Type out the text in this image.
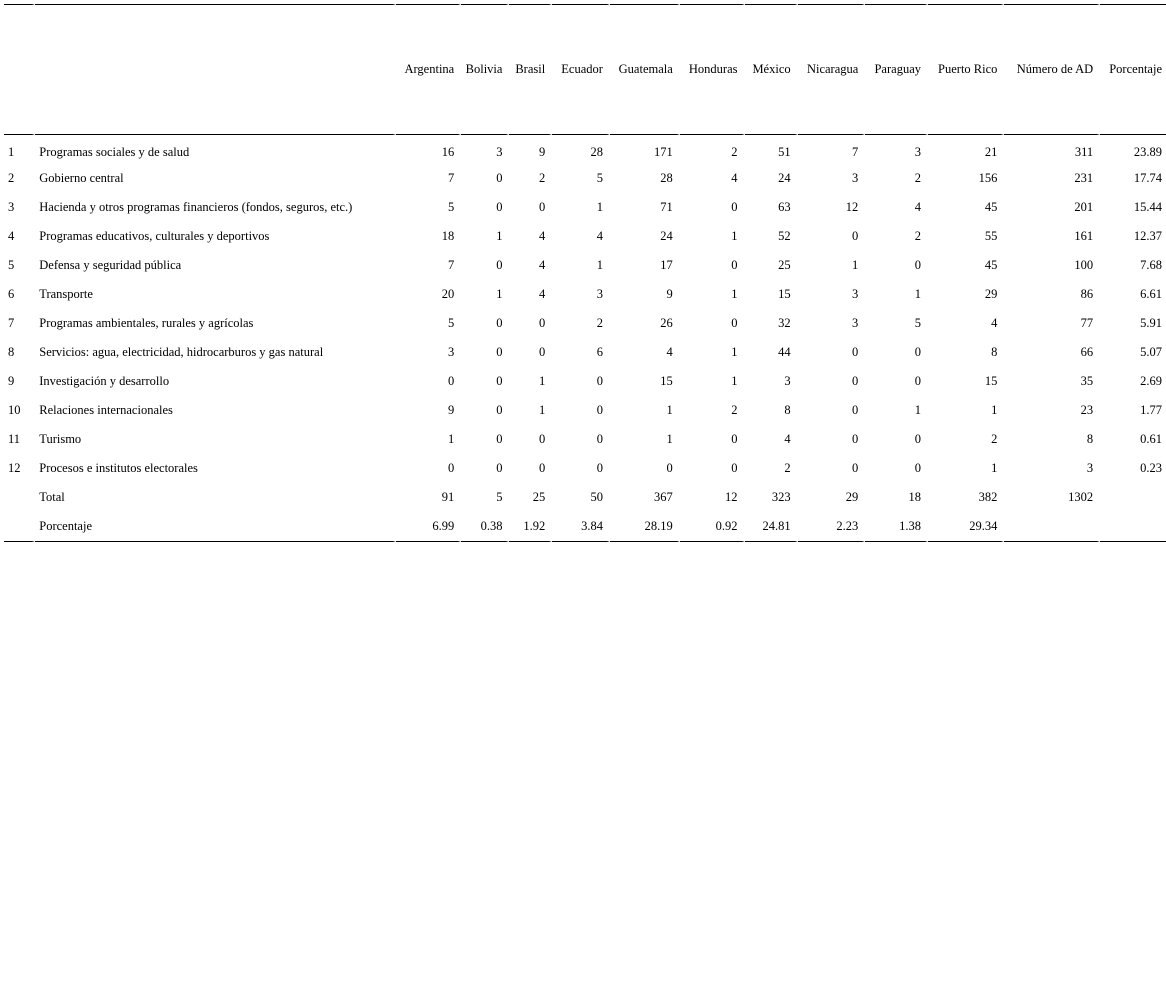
		Argentina	Bolivia	Brasil	Ecuador	Guatemala	Honduras	México	Nicaragua	Paraguay	Puerto Rico	Número de AD	Porcentaje
1	Programas sociales y de salud	16	3	9	28	171	2	51	7	3	21	311	23.89
2	Gobierno central	7	0	2	5	28	4	24	3	2	156	231	17.74
3	Hacienda y otros programas financieros (fondos, seguros, etc.)	5	0	0	1	71	0	63	12	4	45	201	15.44
4	Programas educativos, culturales y deportivos	18	1	4	4	24	1	52	0	2	55	161	12.37
5	Defensa y seguridad pública	7	0	4	1	17	0	25	1	0	45	100	7.68
6	Transporte	20	1	4	3	9	1	15	3	1	29	86	6.61
7	Programas ambientales, rurales y agrícolas	5	0	0	2	26	0	32	3	5	4	77	5.91
8	Servicios: agua, electricidad, hidrocarburos y gas natural	3	0	0	6	4	1	44	0	0	8	66	5.07
9	Investigación y desarrollo	0	0	1	0	15	1	3	0	0	15	35	2.69
10	Relaciones internacionales	9	0	1	0	1	2	8	0	1	1	23	1.77
11	Turismo	1	0	0	0	1	0	4	0	0	2	8	0.61
12	Procesos e institutos electorales	0	0	0	0	0	0	2	0	0	1	3	0.23
	Total	91	5	25	50	367	12	323	29	18	382	1302	
	Porcentaje	6.99	0.38	1.92	3.84	28.19	0.92	24.81	2.23	1.38	29.34		
